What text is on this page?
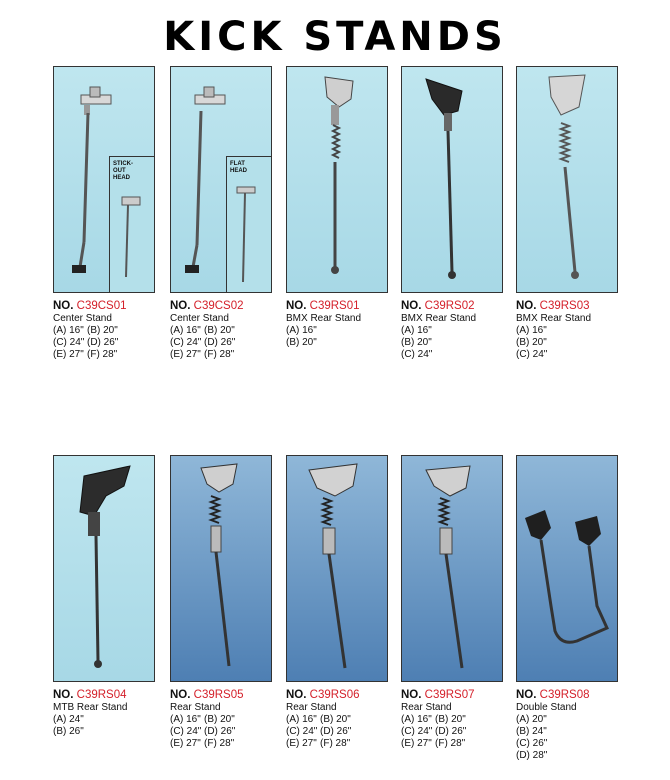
KICK STANDS
STICK-
OUT
HEAD
NO. C39CS01
Center Stand
(A) 16" (B) 20"
(C) 24" (D) 26"
(E) 27" (F) 28"
FLAT
HEAD
NO. C39CS02
Center Stand
(A) 16" (B) 20"
(C) 24" (D) 26"
(E) 27" (F) 28"
NO. C39RS01
BMX Rear Stand
(A) 16"
(B) 20"
NO. C39RS02
BMX Rear Stand
(A) 16"
(B) 20"
(C) 24"
NO. C39RS03
BMX Rear Stand
(A) 16"
(B) 20"
(C) 24"
NO. C39RS04
MTB Rear Stand
(A) 24"
(B) 26"
NO. C39RS05
Rear Stand
(A) 16" (B) 20"
(C) 24" (D) 26"
(E) 27" (F) 28"
NO. C39RS06
Rear Stand
(A) 16" (B) 20"
(C) 24" (D) 26"
(E) 27" (F) 28"
NO. C39RS07
Rear Stand
(A) 16" (B) 20"
(C) 24" (D) 26"
(E) 27" (F) 28"
NO. C39RS08
Double Stand
(A) 20"
(B) 24"
(C) 26"
(D) 28"
